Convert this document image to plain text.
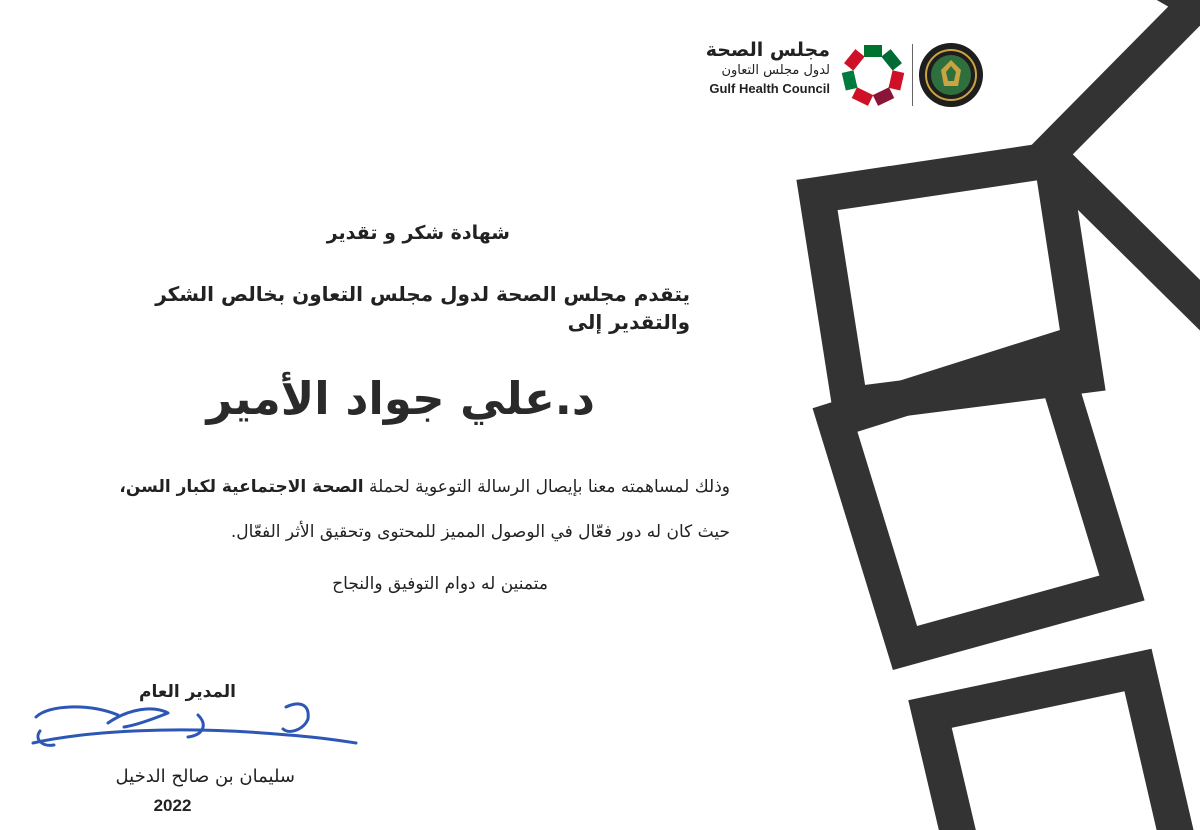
مجلس الصحة
لدول مجلس التعاون
Gulf Health Council
شهادة شكر و تقدير
يتقدم مجلس الصحة لدول مجلس التعاون بخالص الشكر
والتقدير إلى
د.علي جواد الأمير
وذلك لمساهمته معنا بإيصال الرسالة التوعوية لحملة الصحة الاجتماعية لكبار السن،
حيث كان له دور فعّال في الوصول المميز للمحتوى وتحقيق الأثر الفعّال.
متمنين له دوام التوفيق والنجاح
المدير العام
سليمان بن صالح الدخيل
2022
